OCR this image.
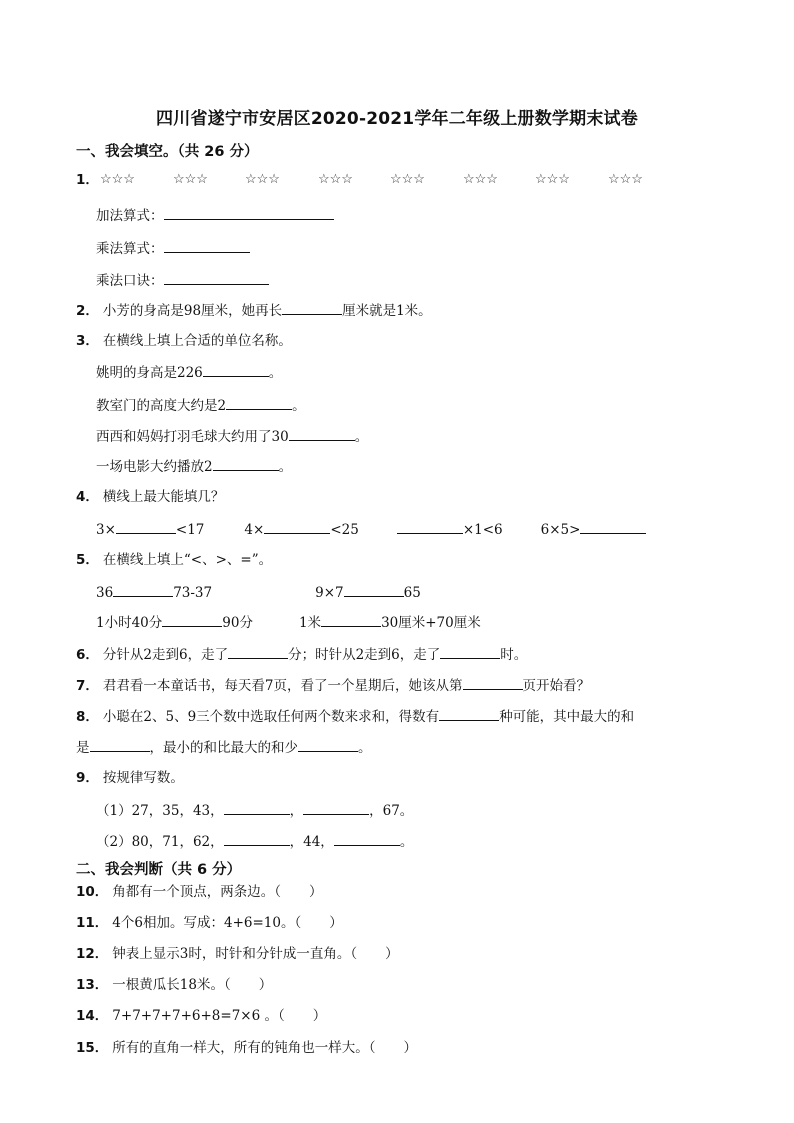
四川省遂宁市安居区2020-2021学年二年级上册数学期末试卷
一、我会填空。（共 26 分）
1． ☆☆☆	☆☆☆	☆☆☆	☆☆☆	☆☆☆	☆☆☆	☆☆☆	☆☆☆
加法算式：
乘法算式：
乘法口诀：
2． 小芳的身高是98厘米，她再长	厘米就是1米。
3． 在横线上填上合适的单位名称。
姚明的身高是226	。
教室门的高度大约是2	。
西西和妈妈打羽毛球大约用了30	。
一场电影大约播放2	。
4． 横线上最大能填几？
3×	<17	4×	<25	×1<6	6×5>
5． 在横线上填上“<、>、=”。
36	73-37	9×7	65
1小时40分	90分	1米	30厘米+70厘米
6． 分针从2走到6，走了	分；时针从2走到6，走了	时。
7． 君君看一本童话书，每天看7页，看了一个星期后，她该从第	页开始看？
8． 小聪在2、5、9三个数中选取任何两个数来求和，得数有	种可能，其中最大的和
是	，最小的和比最大的和少	。
9． 按规律写数。
（1）27，35，43，	，	，67。
（2）80，71，62，	，44，	。
二、我会判断（共 6 分）
10． 角都有一个顶点，两条边。（ ）
11． 4个6相加。写成：4+6=10。（ ）
12． 钟表上显示3时，时针和分针成一直角。（ ）
13． 一根黄瓜长18米。（ ）
14． 7+7+7+7+6+8=7×6 。（ ）
15． 所有的直角一样大，所有的钝角也一样大。（ ）
